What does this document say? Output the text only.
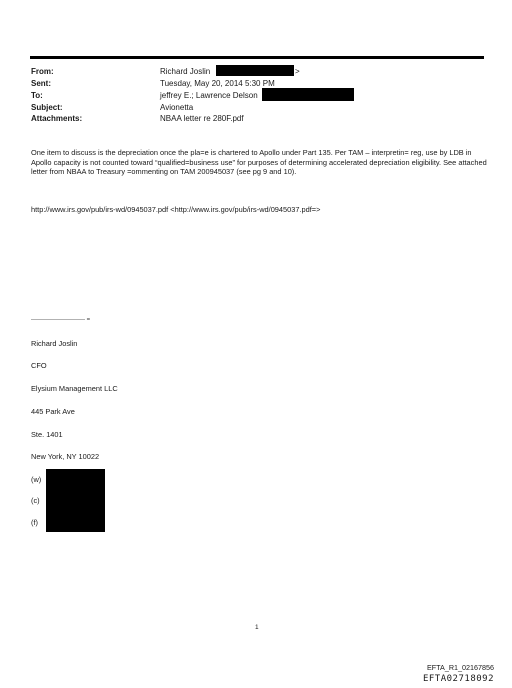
From:
Sent:
To:
Subject:
Attachments:
Richard Joslin	>
Tuesday, May 20, 2014 5:30 PM
jeffrey E.; Lawrence Delson
Avionetta
NBAA letter re 280F.pdf
One item to discuss is the depreciation once the pla=e is chartered to Apollo under Part 135. Per TAM – interpretin= reg, use by LDB in Apollo capacity is not counted toward “qualified=business use” for purposes of determining accelerated depreciation eligibility. See attached letter from NBAA to Treasury =ommenting on TAM 200945037 (see pg 9 and 10).
http://www.irs.gov/pub/irs-wd/0945037.pdf <http://www.irs.gov/pub/irs-wd/0945037.pdf=>
--------------------------- =
Richard Joslin
CFO
Elysium Management LLC
445 Park Ave
Ste. 1401
New York, NY 10022
(w)
(c)
(f)
1
EFTA_R1_02167856
EFTA02718092
